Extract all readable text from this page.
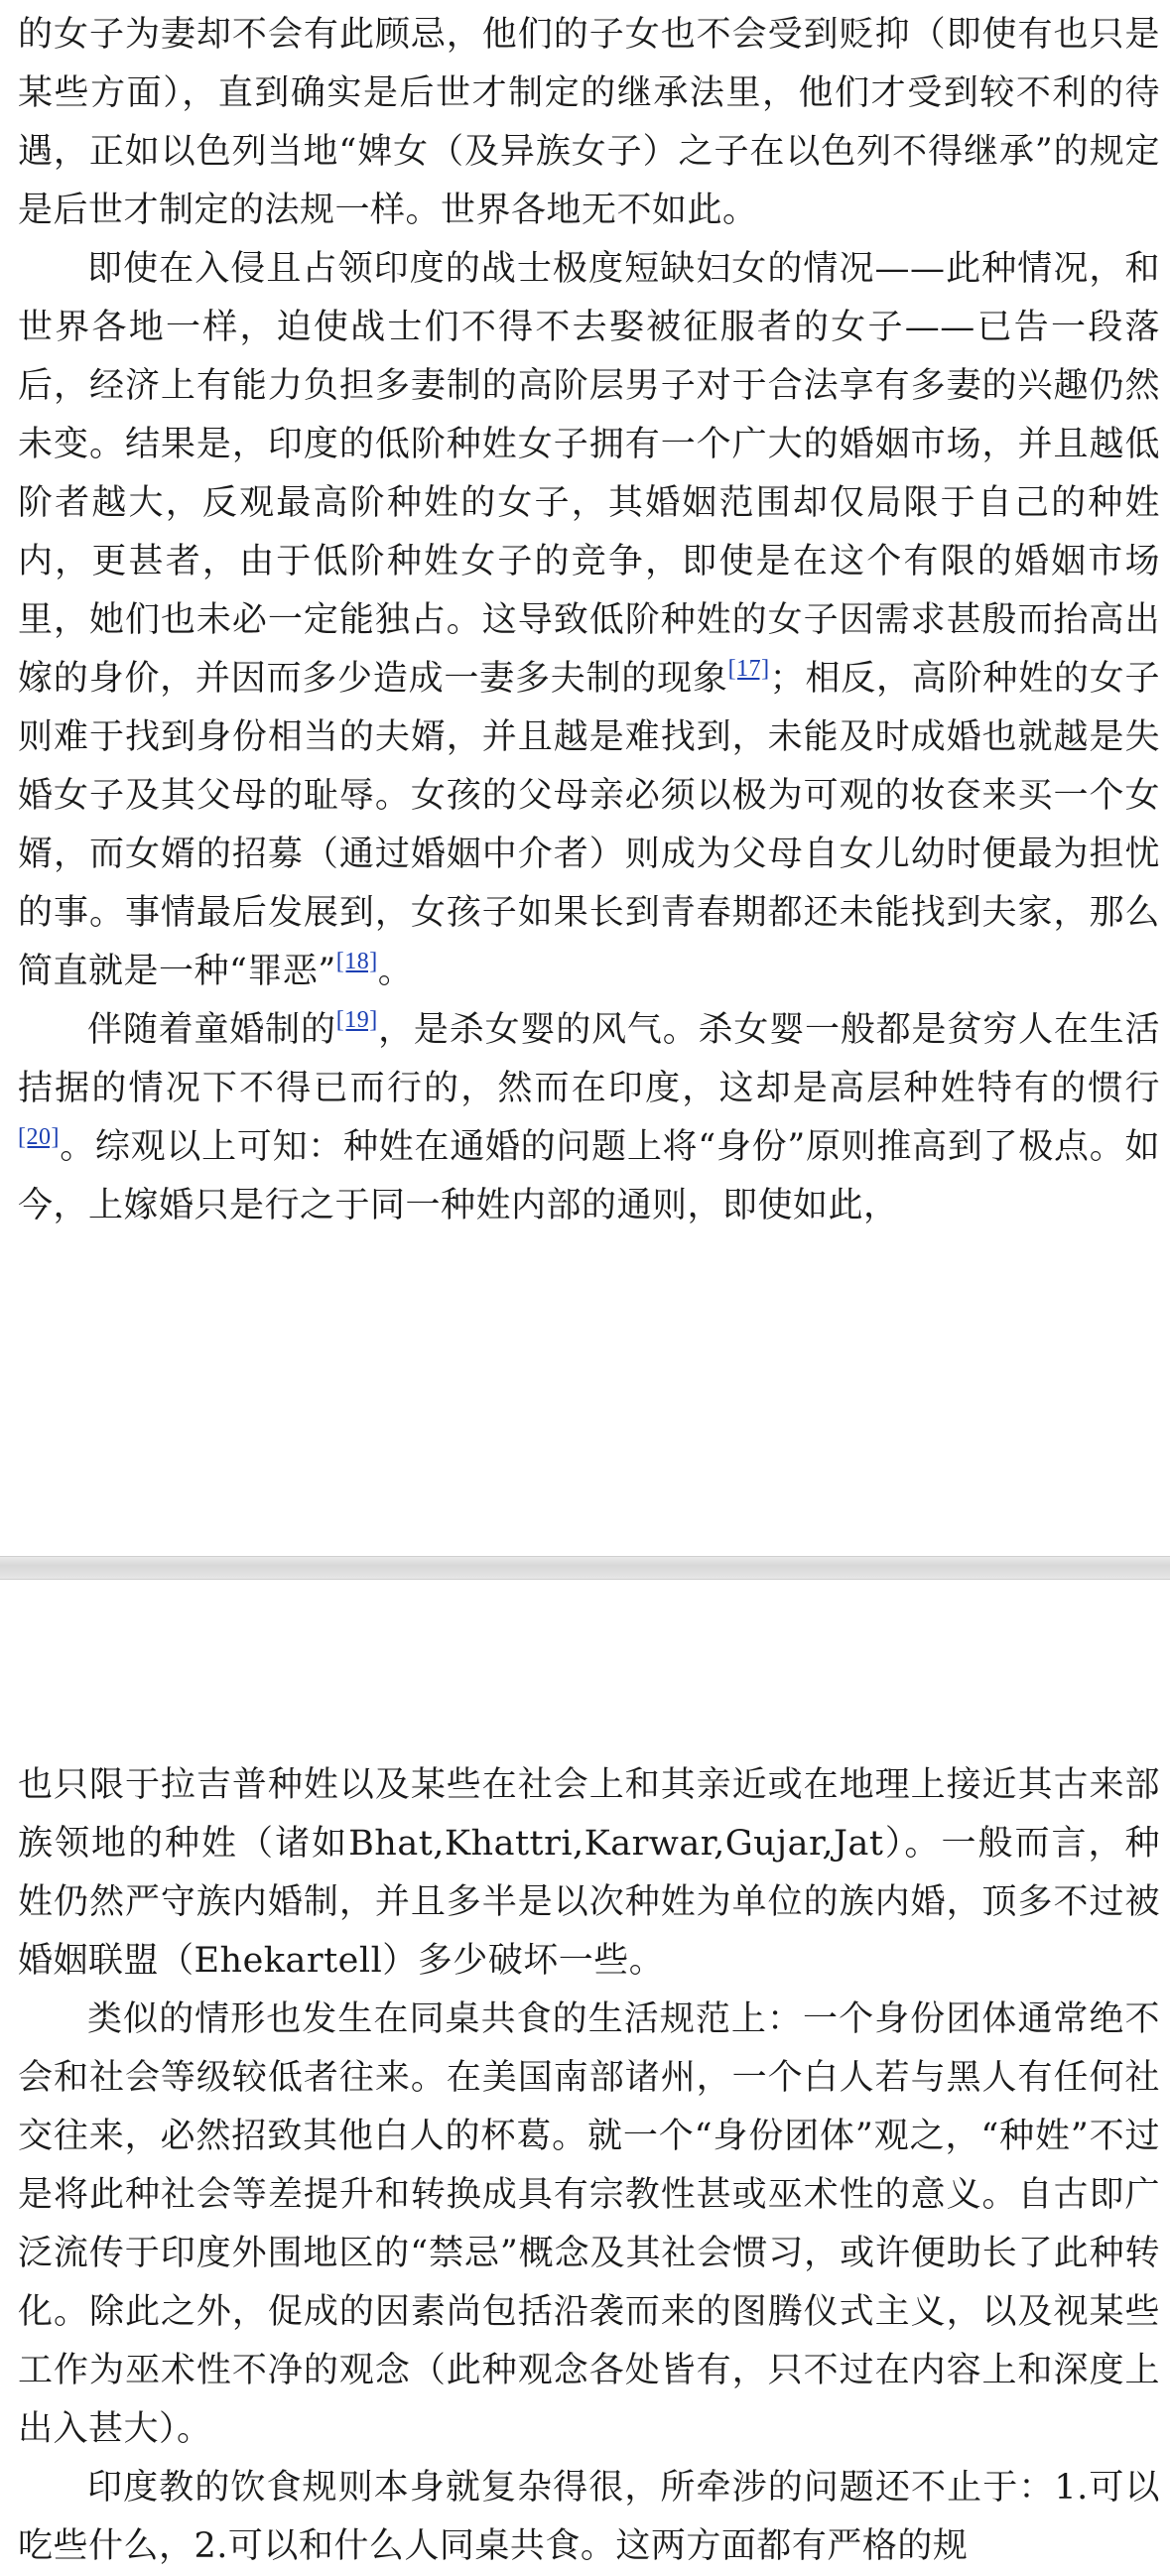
的女子为妻却不会有此顾忌，他们的子女也不会受到贬抑（即使有也只是某些方面），直到确实是后世才制定的继承法里，他们才受到较不利的待遇，正如以色列当地“婢女（及异族女子）之子在以色列不得继承”的规定是后世才制定的法规一样。世界各地无不如此。

即使在入侵且占领印度的战士极度短缺妇女的情况——此种情况，和世界各地一样，迫使战士们不得不去娶被征服者的女子——已告一段落后，经济上有能力负担多妻制的高阶层男子对于合法享有多妻的兴趣仍然未变。结果是，印度的低阶种姓女子拥有一个广大的婚姻市场，并且越低阶者越大，反观最高阶种姓的女子，其婚姻范围却仅局限于自己的种姓内，更甚者，由于低阶种姓女子的竞争，即使是在这个有限的婚姻市场里，她们也未必一定能独占。这导致低阶种姓的女子因需求甚殷而抬高出嫁的身价，并因而多少造成一妻多夫制的现象[17]；相反，高阶种姓的女子则难于找到身份相当的夫婿，并且越是难找到，未能及时成婚也就越是失婚女子及其父母的耻辱。女孩的父母亲必须以极为可观的妆奁来买一个女婿，而女婿的招募（通过婚姻中介者）则成为父母自女儿幼时便最为担忧的事。事情最后发展到，女孩子如果长到青春期都还未能找到夫家，那么简直就是一种“罪恶”[18]。

伴随着童婚制的[19]，是杀女婴的风气。杀女婴一般都是贫穷人在生活拮据的情况下不得已而行的，然而在印度，这却是高层种姓特有的惯行[20]。综观以上可知：种姓在通婚的问题上将“身份”原则推高到了极点。如今，上嫁婚只是行之于同一种姓内部的通则，即使如此，

也只限于拉吉普种姓以及某些在社会上和其亲近或在地理上接近其古来部族领地的种姓（诸如Bhat,Khattri,Karwar,Gujar,Jat）。一般而言，种姓仍然严守族内婚制，并且多半是以次种姓为单位的族内婚，顶多不过被婚姻联盟（Ehekartell）多少破坏一些。

类似的情形也发生在同桌共食的生活规范上：一个身份团体通常绝不会和社会等级较低者往来。在美国南部诸州，一个白人若与黑人有任何社交往来，必然招致其他白人的杯葛。就一个“身份团体”观之，“种姓”不过是将此种社会等差提升和转换成具有宗教性甚或巫术性的意义。自古即广泛流传于印度外围地区的“禁忌”概念及其社会惯习，或许便助长了此种转化。除此之外，促成的因素尚包括沿袭而来的图腾仪式主义，以及视某些工作为巫术性不净的观念（此种观念各处皆有，只不过在内容上和深度上出入甚大）。

印度教的饮食规则本身就复杂得很，所牵涉的问题还不止于：1.可以吃些什么，2.可以和什么人同桌共食。这两方面都有严格的规
